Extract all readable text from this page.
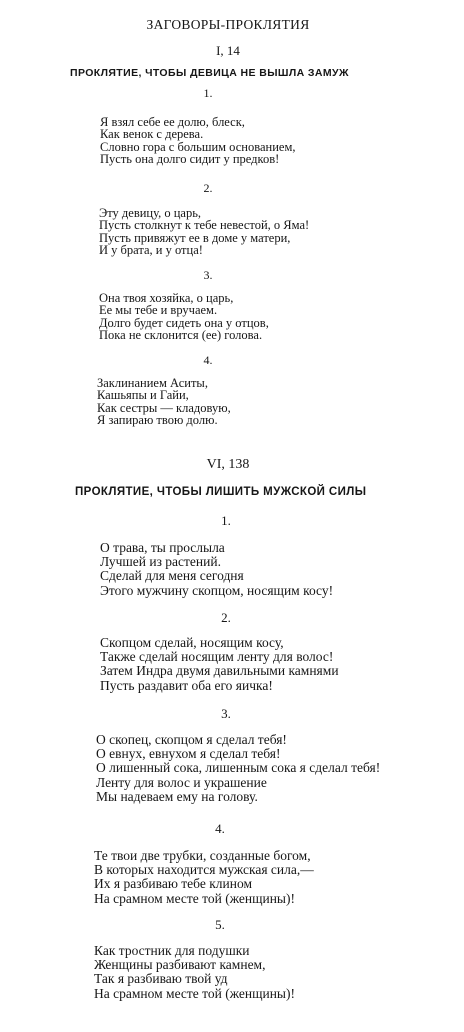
ЗАГОВОРЫ-ПРОКЛЯТИЯ
I, 14
ПРОКЛЯТИЕ, ЧТОБЫ ДЕВИЦА НЕ ВЫШЛА ЗАМУЖ
1.
Я взял себе ее долю, блеск,
Как венок с дерева.
Словно гора с большим основанием,
Пусть она долго сидит у предков!
2.
Эту девицу, о царь,
Пусть столкнут к тебе невестой, о Яма!
Пусть привяжут ее в доме у матери,
И у брата, и у отца!
3.
Она твоя хозяйка, о царь,
Ее мы тебе и вручаем.
Долго будет сидеть она у отцов,
Пока не склонится (ее) голова.
4.
Заклинанием Аситы,
Кашьяпы и Гайи,
Как сестры — кладовую,
Я запираю твою долю.
VI, 138
ПРОКЛЯТИЕ, ЧТОБЫ ЛИШИТЬ МУЖСКОЙ СИЛЫ
1.
О трава, ты прослыла
Лучшей из растений.
Сделай для меня сегодня
Этого мужчину скопцом, носящим косу!
2.
Скопцом сделай, носящим косу,
Также сделай носящим ленту для волос!
Затем Индра двумя давильными камнями
Пусть раздавит оба его яичка!
3.
О скопец, скопцом я сделал тебя!
О евнух, евнухом я сделал тебя!
О лишенный сока, лишенным сока я сделал тебя!
Ленту для волос и украшение
Мы надеваем ему на голову.
4.
Те твои две трубки, созданные богом,
В которых находится мужская сила,—
Их я разбиваю тебе клином
На срамном месте той (женщины)!
5.
Как тростник для подушки
Женщины разбивают камнем,
Так я разбиваю твой уд
На срамном месте той (женщины)!
